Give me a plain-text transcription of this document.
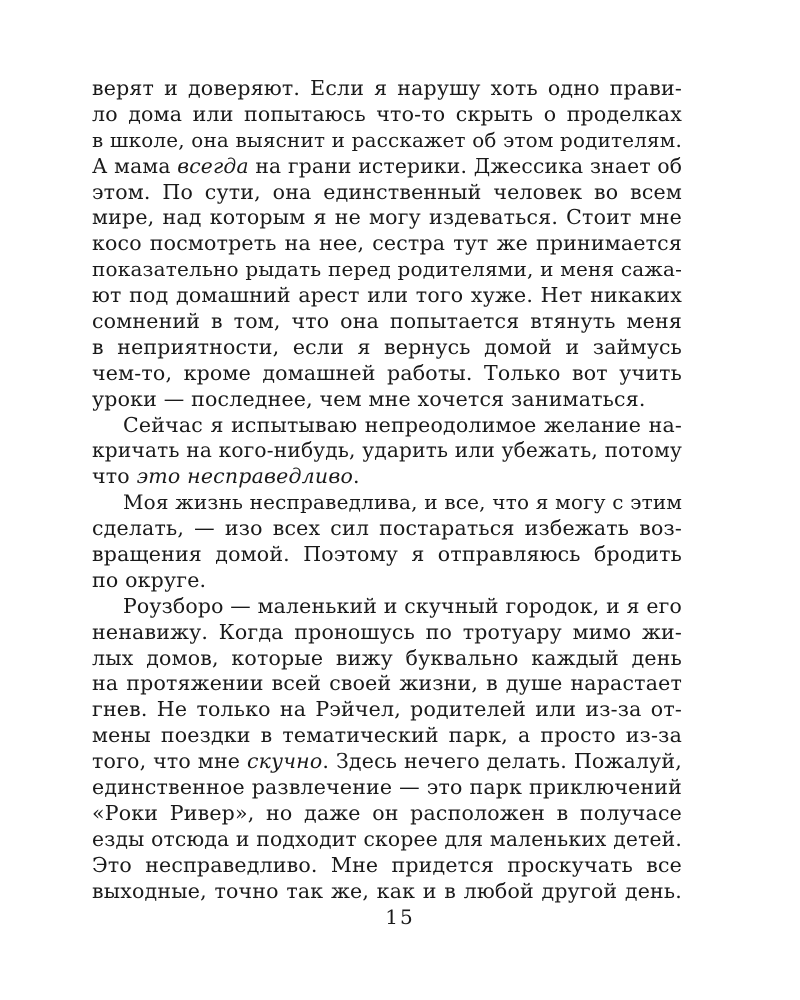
верят и доверяют. Если я нарушу хоть одно прави-
ло дома или попытаюсь что-то скрыть о проделках
в школе, она выяснит и расскажет об этом родителям.
А мама всегда на грани истерики. Джессика знает об
этом. По сути, она единственный человек во всем
мире, над которым я не могу издеваться. Стоит мне
косо посмотреть на нее, сестра тут же принимается
показательно рыдать перед родителями, и меня сажа-
ют под домашний арест или того хуже. Нет никаких
сомнений в том, что она попытается втянуть меня
в неприятности, если я вернусь домой и займусь
чем-то, кроме домашней работы. Только вот учить
уроки — последнее, чем мне хочется заниматься.
Сейчас я испытываю непреодолимое желание на-
кричать на кого-нибудь, ударить или убежать, потому
что это несправедливо.
Моя жизнь несправедлива, и все, что я могу с этим
сделать, — изо всех сил постараться избежать воз-
вращения домой. Поэтому я отправляюсь бродить
по округе.
Роузборо — маленький и скучный городок, и я его
ненавижу. Когда проношусь по тротуару мимо жи-
лых домов, которые вижу буквально каждый день
на протяжении всей своей жизни, в душе нарастает
гнев. Не только на Рэйчел, родителей или из-за от-
мены поездки в тематический парк, а просто из-за
того, что мне скучно. Здесь нечего делать. Пожалуй,
единственное развлечение — это парк приключений
«Роки Ривер», но даже он расположен в получасе
езды отсюда и подходит скорее для маленьких детей.
Это несправедливо. Мне придется проскучать все
выходные, точно так же, как и в любой другой день.
15
